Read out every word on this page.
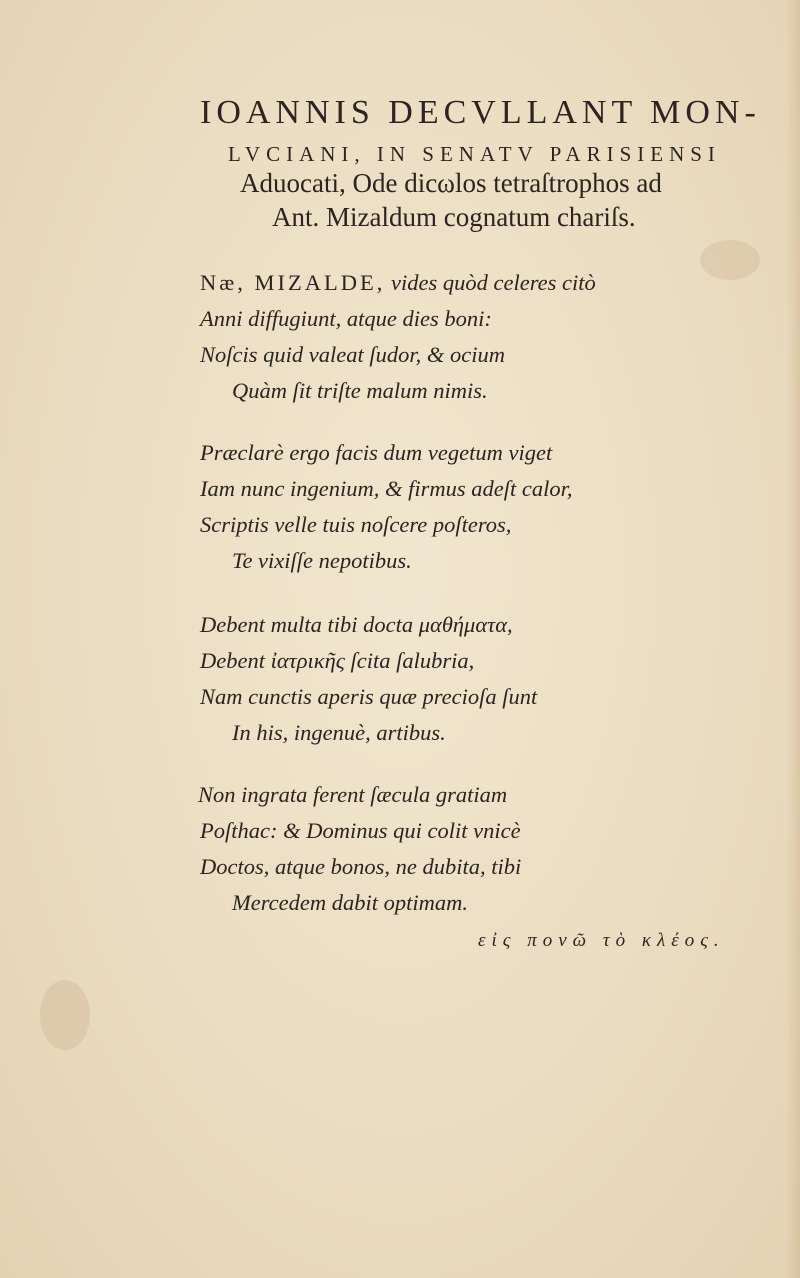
IOANNIS DECVLLANT MON-
LVCIANI, IN SENATV PARISIENSI
Aduocati, Ode dicωlos tetraſtrophos ad
Ant. Mizaldum cognatum chariſs.
Næ, MIZALDE, vides quòd celeres citò
Anni diffugiunt, atque dies boni:
Noſcis quid valeat ſudor, & ocium
Quàm ſit triſte malum nimis.
Præclarè ergo facis dum vegetum viget
Iam nunc ingenium, & firmus adeſt calor,
Scriptis velle tuis noſcere poſteros,
Te vixiſſe nepotibus.
Debent multa tibi docta μαθήματα,
Debent ἰατρικῆς ſcita ſalubria,
Nam cunctis aperis quæ precioſa ſunt
In his, ingenuè, artibus.
Non ingrata ferent ſæcula gratiam
Poſthac: & Dominus qui colit vnicè
Doctos, atque bonos, ne dubita, tibi
Mercedem dabit optimam.
εἰς πονῶ τὸ κλέος.
